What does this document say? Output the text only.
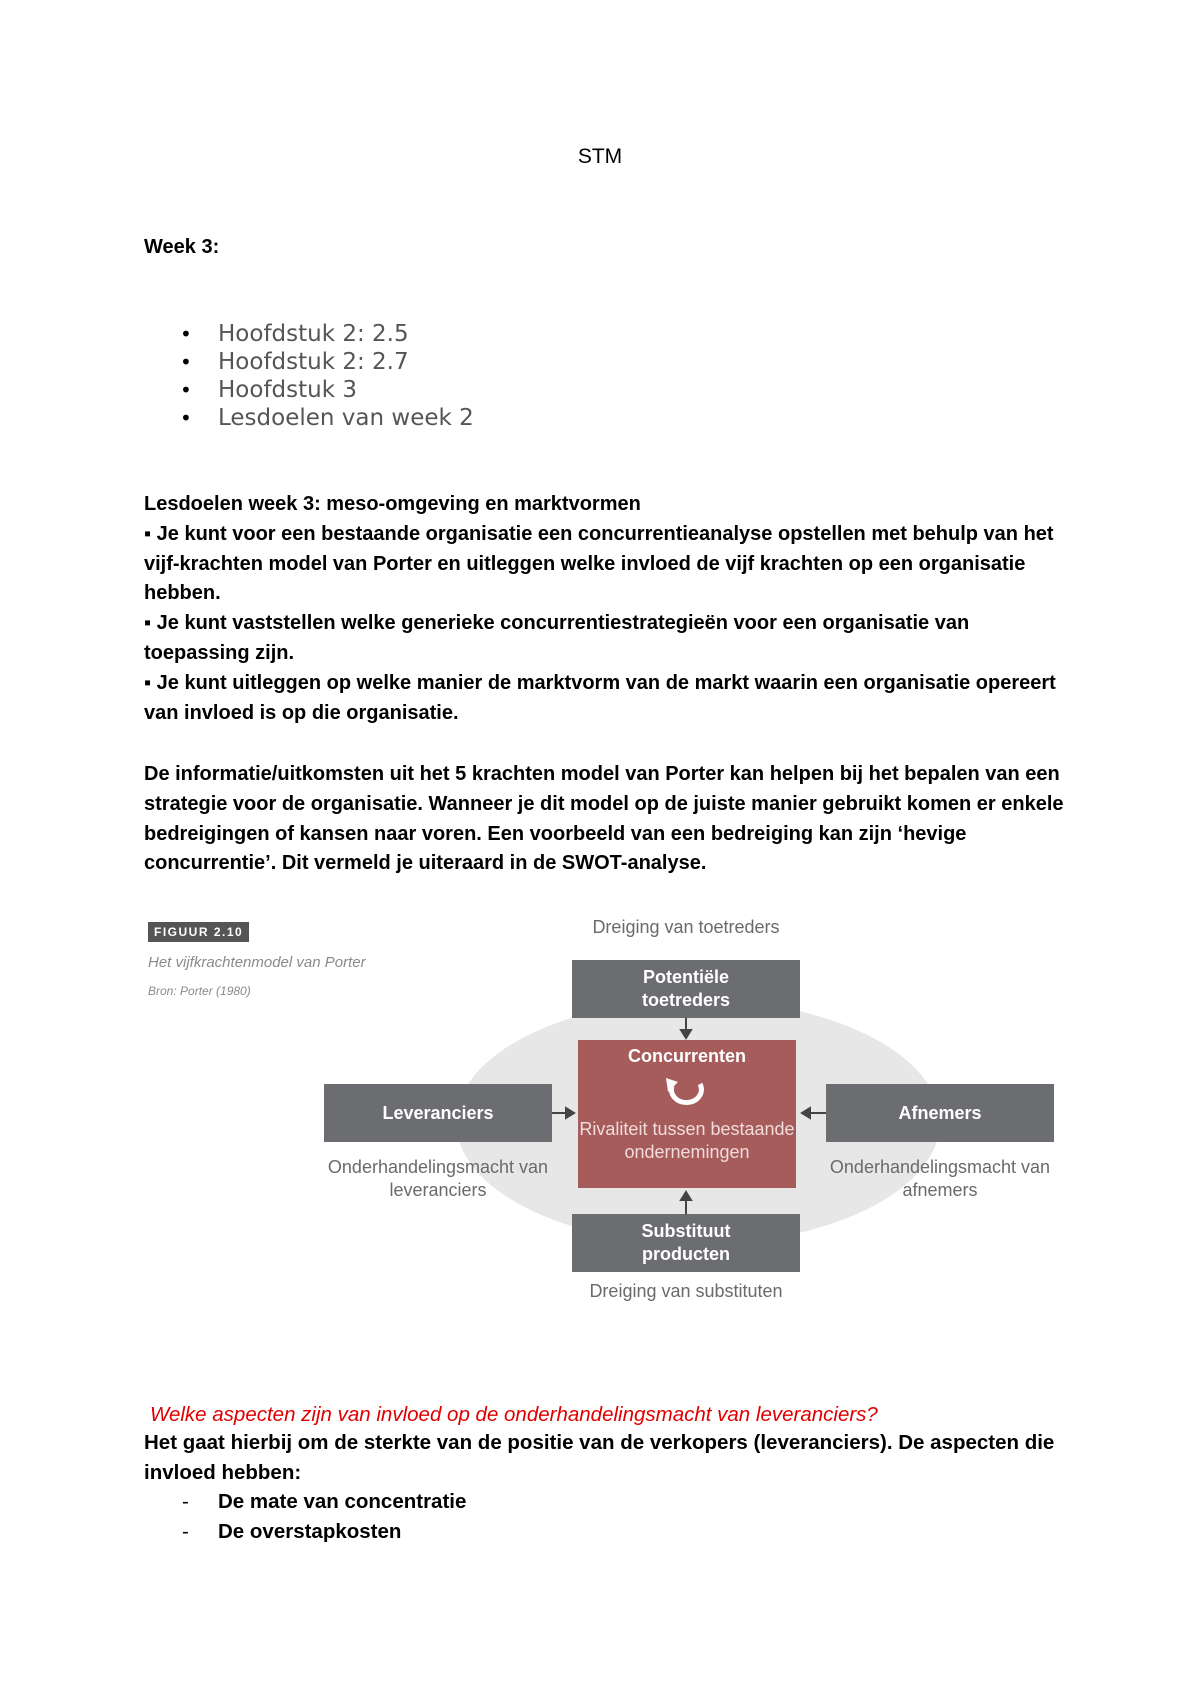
STM
Week 3:
• Hoofdstuk 2: 2.5
• Hoofdstuk 2: 2.7
• Hoofdstuk 3
• Lesdoelen van week 2

Lesdoelen week 3: meso-omgeving en marktvormen

▪ Je kunt voor een bestaande organisatie een concurrentieanalyse opstellen met behulp van het vijf-krachten model van Porter en uitleggen welke invloed de vijf krachten op een organisatie hebben.

▪ Je kunt vaststellen welke generieke concurrentiestrategieën voor een organisatie van toepassing zijn.

▪ Je kunt uitleggen op welke manier de marktvorm van de markt waarin een organisatie opereert van invloed is op die organisatie.

De informatie/uitkomsten uit het 5 krachten model van Porter kan helpen bij het bepalen van een strategie voor de organisatie. Wanneer je dit model op de juiste manier gebruikt komen er enkele bedreigingen of kansen naar voren. Een voorbeeld van een bedreiging kan zijn ‘hevige concurrentie’. Dit vermeld je uiteraard in de SWOT-analyse.

FIGUUR 2.10
Het vijfkrachtenmodel van Porter
Bron: Porter (1980)
Dreiging van toetreders
Potentiële toetreders
Leveranciers
Onderhandelingsmacht van leveranciers
Concurrenten
Rivaliteit tussen bestaande ondernemingen
Afnemers
Onderhandelingsmacht van afnemers
Substituut producten
Dreiging van substituten
Welke aspecten zijn van invloed op de onderhandelingsmacht van leveranciers?
Het gaat hierbij om de sterkte van de positie van de verkopers (leveranciers). De aspecten die invloed hebben:
- De mate van concentratie
- De overstapkosten
